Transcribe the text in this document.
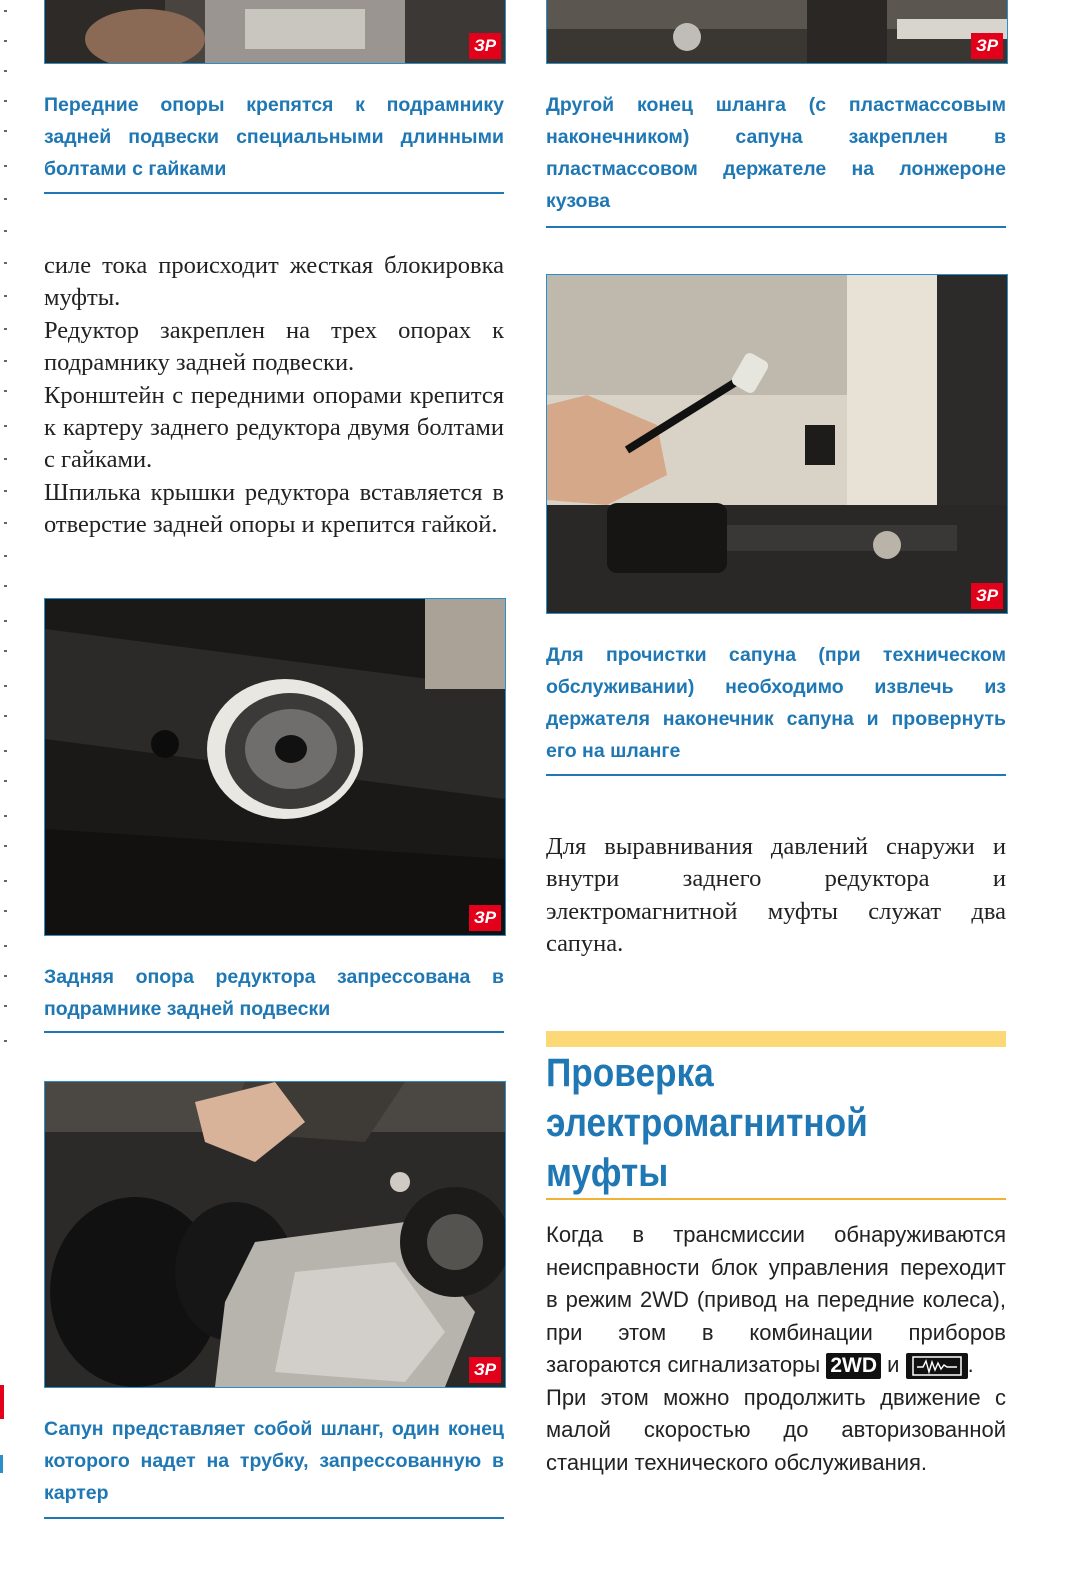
ЗР
Передние опоры крепятся к подрамнику задней подвески специальными длинными болтами с гайками
ЗР
Другой конец шланга (с пластмассовым наконечником) сапуна закреплен в пластмассовом держателе на лонжероне кузова

силе тока происходит жесткая блокировка муфты.

Редуктор закреплен на трех опорах к подрамнику задней подвески.

Кронштейн с передними опорами крепится к картеру заднего редуктора двумя болтами с гайками.

Шпилька крышки редуктора вставляется в отверстие задней опоры и крепится гайкой.

ЗР
Для прочистки сапуна (при техническом обслуживании) необходимо извлечь из держателя наконечник сапуна и провернуть его на шланге
ЗР
Задняя опора редуктора запрессована в подрамнике задней подвески

Для выравнивания давлений снаружи и внутри заднего редуктора и электромагнитной муфты служат два сапуна.

Проверка
электромагнитной
муфты
ЗР
Сапун представляет собой шланг, один конец которого надет на трубку, запрессованную в картер

Когда в трансмиссии обнаруживаются неисправности блок управления переходит в режим 2WD (привод на передние колеса), при этом в комбинации приборов загораются сигнализаторы 2WD и	.

При этом можно продолжить движение с малой скоростью до авторизованной станции технического обслуживания.
